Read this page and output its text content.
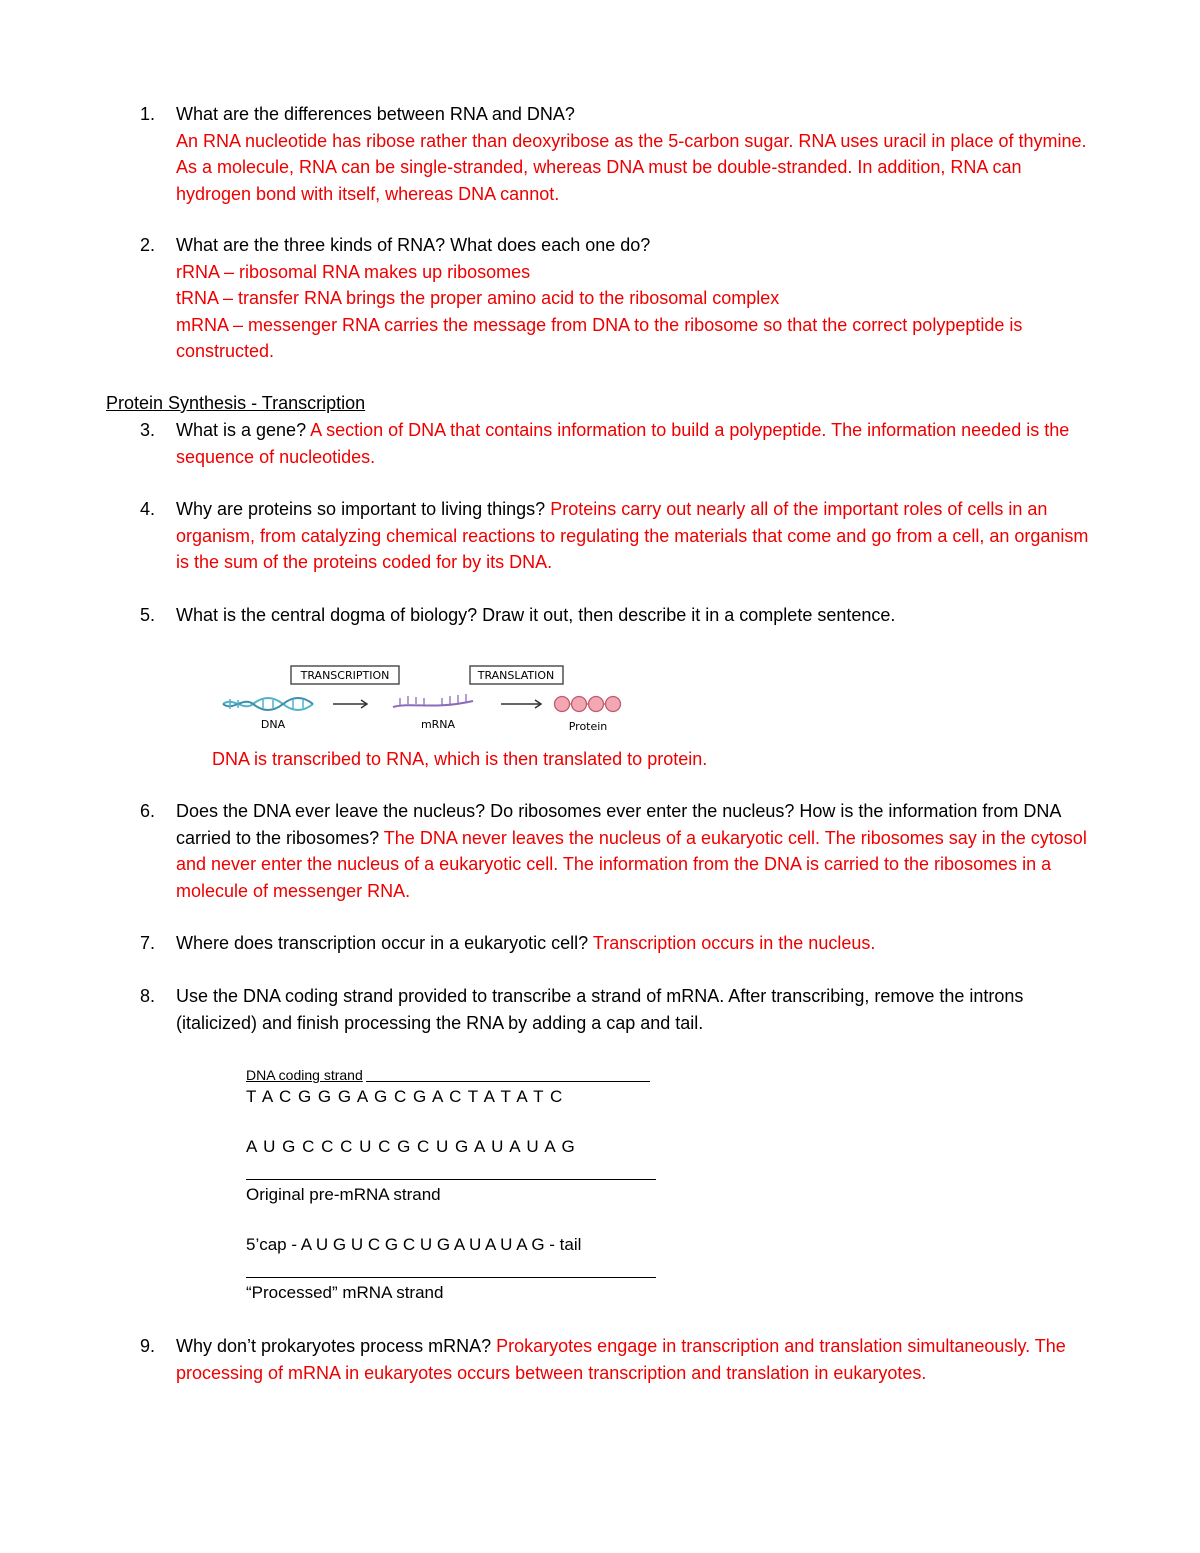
1. What are the differences between RNA and DNA?
An RNA nucleotide has ribose rather than deoxyribose as the 5-carbon sugar. RNA uses uracil in place of thymine. As a molecule, RNA can be single-stranded, whereas DNA must be double-stranded. In addition, RNA can hydrogen bond with itself, whereas DNA cannot.
2. What are the three kinds of RNA? What does each one do?
rRNA – ribosomal RNA makes up ribosomes
tRNA – transfer RNA brings the proper amino acid to the ribosomal complex
mRNA – messenger RNA carries the message from DNA to the ribosome so that the correct polypeptide is constructed.
Protein Synthesis - Transcription
3. What is a gene? A section of DNA that contains information to build a polypeptide. The information needed is the sequence of nucleotides.
4. Why are proteins so important to living things? Proteins carry out nearly all of the important roles of cells in an organism, from catalyzing chemical reactions to regulating the materials that come and go from a cell, an organism is the sum of the proteins coded for by its DNA.
5. What is the central dogma of biology? Draw it out, then describe it in a complete sentence.
TRANSCRIPTION	TRANSLATION
DNA	mRNA	Protein
DNA is transcribed to RNA, which is then translated to protein.
6. Does the DNA ever leave the nucleus? Do ribosomes ever enter the nucleus? How is the information from DNA carried to the ribosomes? The DNA never leaves the nucleus of a eukaryotic cell. The ribosomes say in the cytosol and never enter the nucleus of a eukaryotic cell. The information from the DNA is carried to the ribosomes in a molecule of messenger RNA.
7. Where does transcription occur in a eukaryotic cell? Transcription occurs in the nucleus.
8. Use the DNA coding strand provided to transcribe a strand of mRNA. After transcribing, remove the introns (italicized) and finish processing the RNA by adding a cap and tail.
DNA coding strand
T A C G G G A G C G A C T A T A T C
A U G C C C U C G C U G A U A U A G
Original pre-mRNA strand
5’cap - A U G U C G C U G A U A U A G - tail
“Processed” mRNA strand
9. Why don’t prokaryotes process mRNA? Prokaryotes engage in transcription and translation simultaneously. The processing of mRNA in eukaryotes occurs between transcription and translation in eukaryotes.
